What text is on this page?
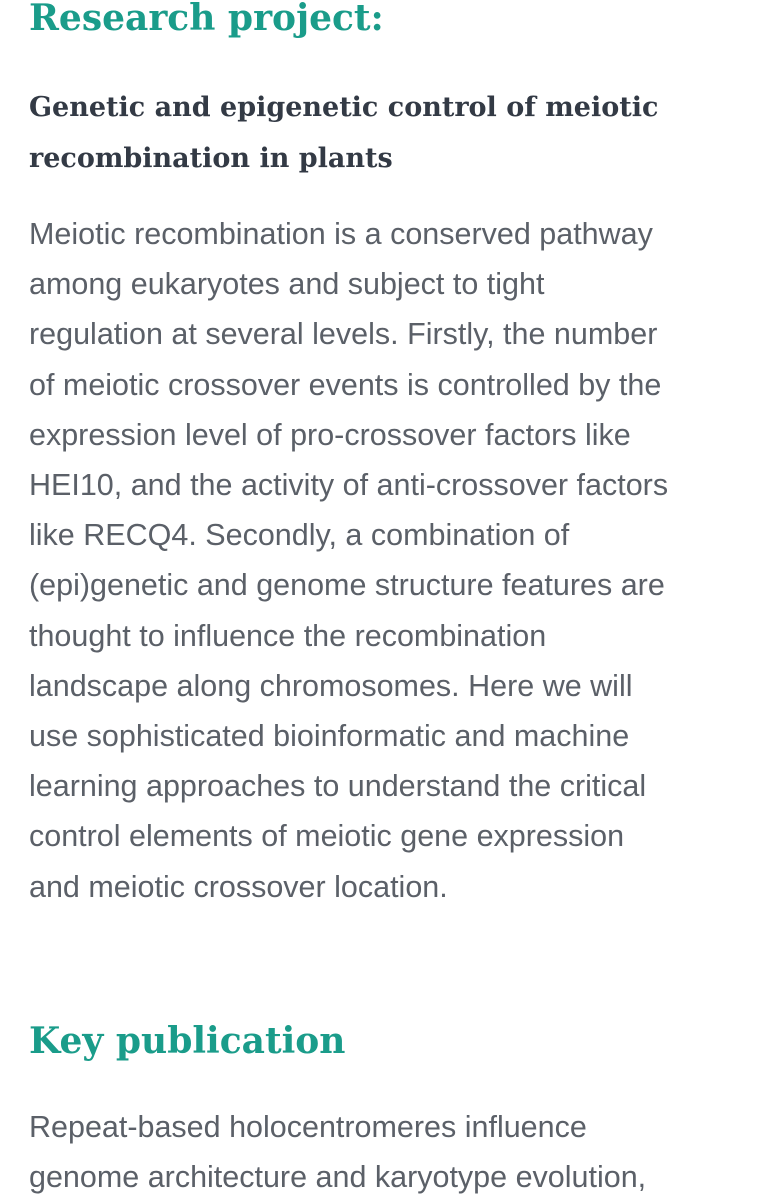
Research project:
Genetic and epigenetic control of meiotic
recombination in plants

Meiotic recombination is a conserved pathway
among eukaryotes and subject to tight
regulation at several levels. Firstly, the number
of meiotic crossover events is controlled by the
expression level of pro-crossover factors like
HEI10, and the activity of anti-crossover factors
like RECQ4. Secondly, a combination of
(epi)genetic and genome structure features are
thought to influence the recombination
landscape along chromosomes. Here we will
use sophisticated bioinformatic and machine
learning approaches to understand the critical
control elements of meiotic gene expression
and meiotic crossover location.

Key publication

Repeat-based holocentromeres influence
genome architecture and karyotype evolution,
